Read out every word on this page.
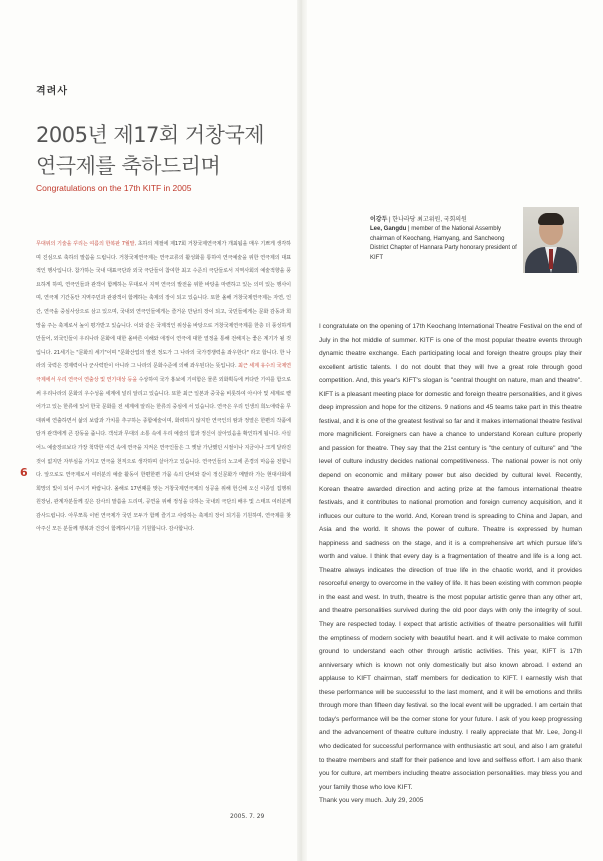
격려사
2005년 제17회 거창국제
연극제를 축하드리며
Congratulations on the 17th KITF in 2005
6
무대위의 기술을 꾸리는 여름의 한복판 7월말, 초하의 계절에 제17회 거창국제연극제가 개최됨을 매우 기쁘게 생각하며 진심으로 축하의 말씀을 드립니다. 거창국제연극제는 연극교류의 활성화를 통하여 연극예술을 위한 연극제의 대표적인 행사입니다. 참가하는 국내 대표극단과 외국 극단들이 참여한 최고 수준의 극단들로서 지역사회의 예술적향을 풍요하게 하며, 연극인들과 관객이 함께하는 무대로서 지역 연극의 발전을 위한 바탕을 마련하고 있는 의미 있는 행사이며, 연극제 기간동안 지역주민과 관광객이 함께하는 축제의 장이 되고 있습니다. 또한 올해 거창국제연극제는 자연, 인간, 연극을 중심사상으로 삼고 있으며, 국내외 연극인들에게는 즐거운 만남의 장이 되고, 국민들에게는 문화 감동과 희망을 주는 축제로서 높이 평가받고 있습니다. 이와 같은 국제적인 위상을 바탕으로 거창국제연극제를 한층 더 풍성하게 만들어, 외국인들이 우리나라 문화에 대한 올바른 이해와 애정이 연극에 대한 열정을 통해 전해지는 좋은 계기가 될 것입니다. 21세기는 "문화의 세기"이며 "문화산업의 발전 정도가 그 나라의 국가경쟁력을 좌우한다" 라고 합니다. 한 나라의 국력은 경제력이나 군사력만이 아니라 그 나라의 문화수준에 의해 좌우된다는 뜻입니다. 최근 세계 유수의 국제연극제에서 우리 연극이 연출상 및 연기대상 등을 수상하여 국가 홍보에 기여함은 물론 외화획득에 커다란 기여를 함으로써 우리나라의 문화의 우수성을 세계에 널리 알리고 있습니다. 또한 최근 일본과 중국을 비롯하여 아시아 및 세계로 뻗어가고 있는 한류에 있어 한국 문화를 전 세계에 알리는 한류의 중심에 서 있습니다. 연극은 우리 인생의 희노애락을 무대위에 연출하면서 삶의 보람과 가치를 추구하는 종합예술이며, 화려하지 않지만 연극인의 땀과 정열은 한편의 작품에 담겨 관객에게 큰 감동을 줍니다. 객석과 무대의 소통 속에 우리 예술의 힘과 정신이 살아있음을 확인하게 됩니다. 사실 어느 예술장르보다 가장 척박한 여건 속에 연극을 지켜온 연극인들은 그 옛날 가난했던 시절이나 지금이나 크게 달라진 것이 없지만 자부심을 가지고 연극을 천직으로 생각하며 살아가고 있습니다. 연극인들의 노고에 존경의 마음을 전합니다. 앞으로도 연극제로서 여러분의 예술 활동이 한편한편 가뭄 속의 단비와 같이 정신문화가 메말라 가는 현대사회에 희망의 빛이 되어 주시기 바랍니다. 올해로 17번째를 맞는 거창국제연극제의 성공을 위해 헌신해 오신 이종일 집행위원장님, 관계자분들께 깊은 감사의 말씀을 드리며, 공연을 위해 정성을 다하는 국내외 극단의 배우 및 스태프 여러분께 감사드립니다. 아무쪼록 이번 연극제가 국민 모두가 함께 즐기고 사랑하는 축제의 장이 되기를 기원하며, 연극제를 찾아주신 모든 분들께 행복과 건강이 함께하시기를 기원합니다. 감사합니다.
2005. 7. 29
이강두 | 한나라당 최고위원, 국회의원
Lee, Gangdu | member of the National Assembly chairman of Keochang, Hamyang, and Sancheong District Chapter of Hannara Party honorary president of KIFT

I congratulate on the opening of 17th Keochang International Theatre Festival on the end of July in the hot middle of summer. KITF is one of the most popular theatre events through dynamic theatre exchange. Each participating local and foreign theatre groups play their excellent artistic talents. I do not doubt that they will hve a great role through good competition. And, this year's KIFT's slogan is "central thought on nature, man and theatre". KIFT is a pleasant meeting place for domestic and foreign theatre personalities, and it gives deep impression and hope for the citizens. 9 nations and 45 teams take part in this theatre festival, and it is one of the greatest festival so far and it makes international theatre festival more magnificient. Foreigners can have a chance to understand Korean culture properly and passion for theatre. They say that the 21st century is "the century of culture" and "the level of culture industry decides national competitiveness. The national power is not only depend on economic and military power but also decided by cultural level. Recently, Korean theatre awarded direction and acting prize at the famous international theatre festivals, and it contributes to national promotion and foreign currency acquisition, and it influces our culture to the world. And, Korean trend is spreading to China and Japan, and Asia and the world. It shows the power of culture. Theatre is expressed by human happiness and sadness on the stage, and it is a comprehensive art which pursue life's worth and value. I think that every day is a fragmentation of theatre and life is a long act. Theatre always indicates the direction of true life in the chaotic world, and it provides resorceful energy to overcome in the valley of life. It has been existing with common people in the east and west. In truth, theatre is the most popular artistic genre than any other art, and theatre personalities survived during the old poor days with only the integrity of soul. They are respected today. I expect that artistic activities of theatre personalities will fulfill the emptiness of modern society with beautiful heart. and it will activate to make common ground to understand each other through artistic activities. This year, KIFT is 17th anniversary which is known not only domestically but also known abroad. I extend an applause to KIFT chairman, staff members for dedication to KIFT. I earnestly wish that these performance will be successful to the last moment, and it will be emotions and thrills through more than fifteen day festival. so the local event will be upgraded. I am certain that today's performance will be the corner stone for your future. I ask of you keep progressing and the advancement of theatre culture industry. I really appreciate that Mr. Lee, Jong-Il who dedicated for successful performance with enthusiastic art soul, and also I am grateful to theatre members and staff for their patience and love and selfless effort. I am also thank you for culture, art members including theatre association personalities. may bless you and your family those who love KIFT.

Thank you very much. July 29, 2005
